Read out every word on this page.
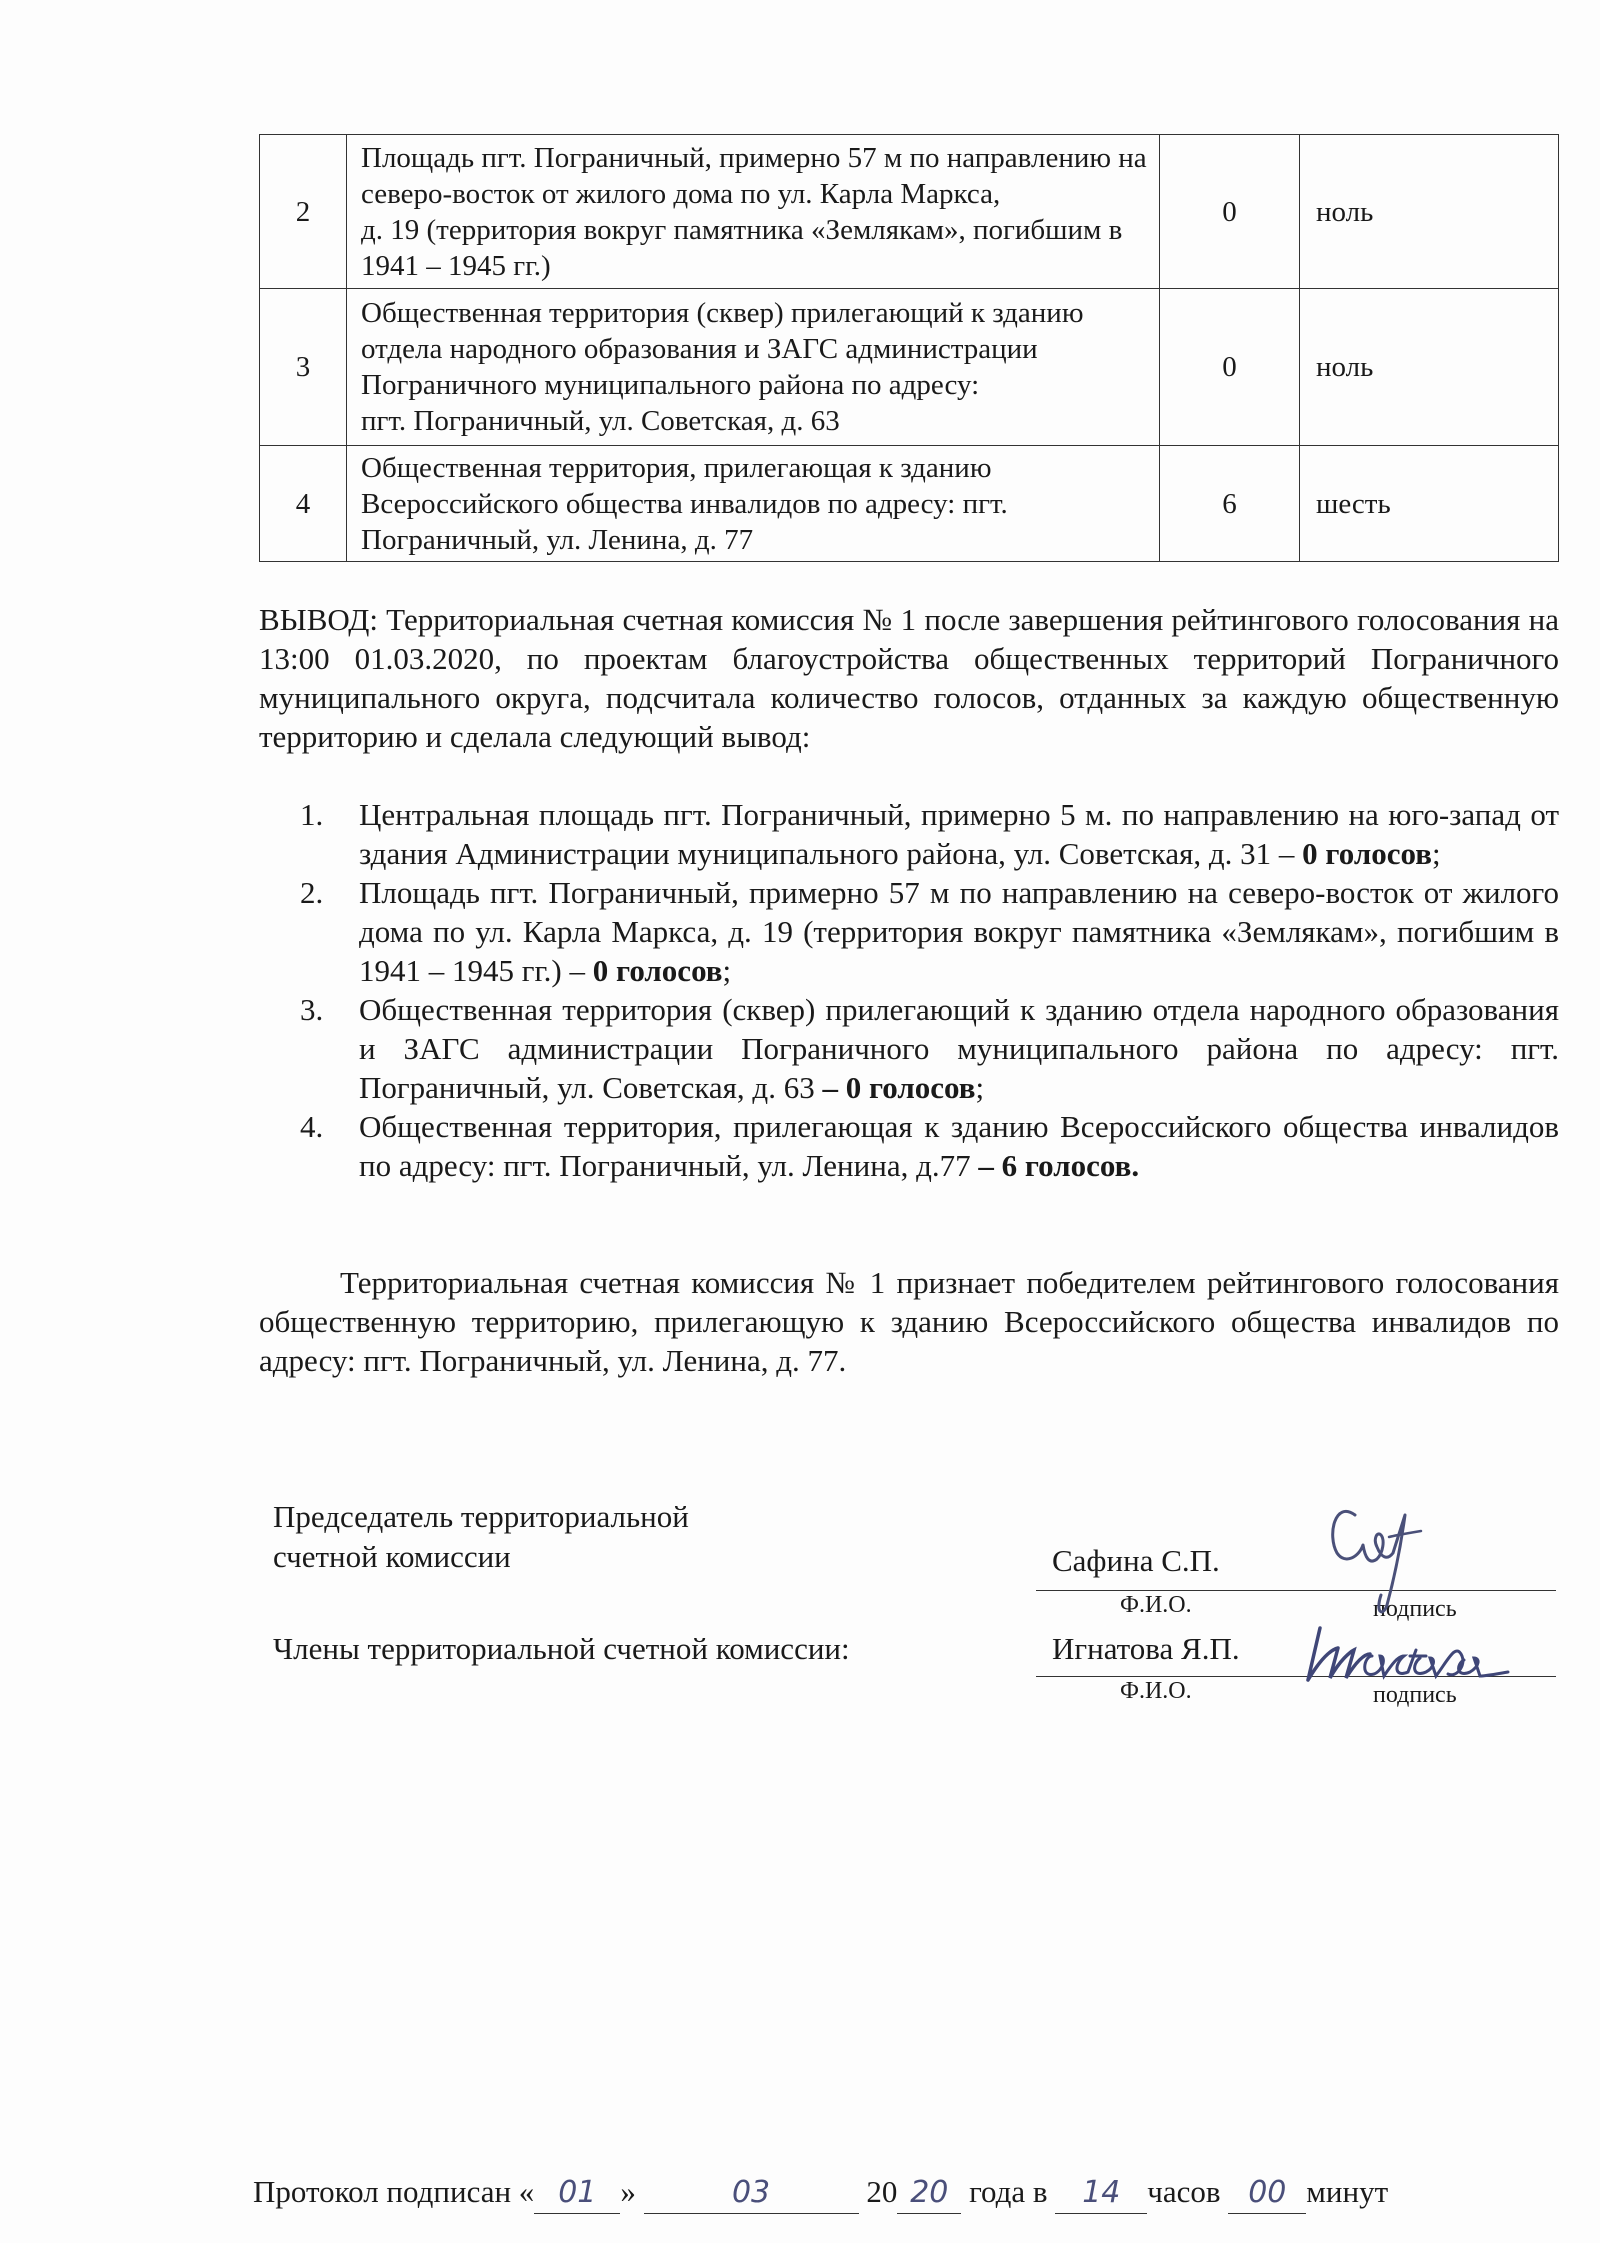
2	Площадь пгт. Пограничный, примерно 57 м по направлению на
северо-восток от жилого дома по ул. Карла Маркса,
д. 19 (территория вокруг памятника «Землякам», погибшим в
1941 – 1945 гг.)	0	ноль
3	Общественная территория (сквер) прилегающий к зданию
отдела народного образования и ЗАГС администрации
Пограничного муниципального района по адресу:
пгт. Пограничный, ул. Советская, д. 63	0	ноль
4	Общественная территория, прилегающая к зданию
Всероссийского общества инвалидов по адресу: пгт.
Пограничный, ул. Ленина, д. 77	6	шесть

ВЫВОД: Территориальная счетная комиссия № 1 после завершения рейтингового голосования на 13:00 01.03.2020, по проектам благоустройства общественных территорий Пограничного муниципального округа, подсчитала количество голосов, отданных за каждую общественную территорию и сделала следующий вывод:

1. Центральная площадь пгт. Пограничный, примерно 5 м. по направлению на юго-запад от здания Администрации муниципального района, ул. Советская, д. 31 – 0 голосов;
2. Площадь пгт. Пограничный, примерно 57 м по направлению на северо-восток от жилого дома по ул. Карла Маркса, д. 19 (территория вокруг памятника «Землякам», погибшим в 1941 – 1945 гг.) – 0 голосов;
3. Общественная территория (сквер) прилегающий к зданию отдела народного образования и ЗАГС администрации Пограничного муниципального района по адресу: пгт. Пограничный, ул. Советская, д. 63 – 0 голосов;
4. Общественная территория, прилегающая к зданию Всероссийского общества инвалидов по адресу: пгт. Пограничный, ул. Ленина, д.77 – 6 голосов.

Территориальная счетная комиссия № 1 признает победителем рейтингового голосования общественную территорию, прилегающую к зданию Всероссийского общества инвалидов по адресу: пгт. Пограничный, ул. Ленина, д. 77.

Председатель территориальной
счетной комиссии
Члены территориальной счетной комиссии:
Сафина С.П.
Игнатова Я.П.
Ф.И.О.	подпись
Ф.И.О.	подпись
Протокол подписан « 01 »	03	20 20 года в 14 часов 00 минут
